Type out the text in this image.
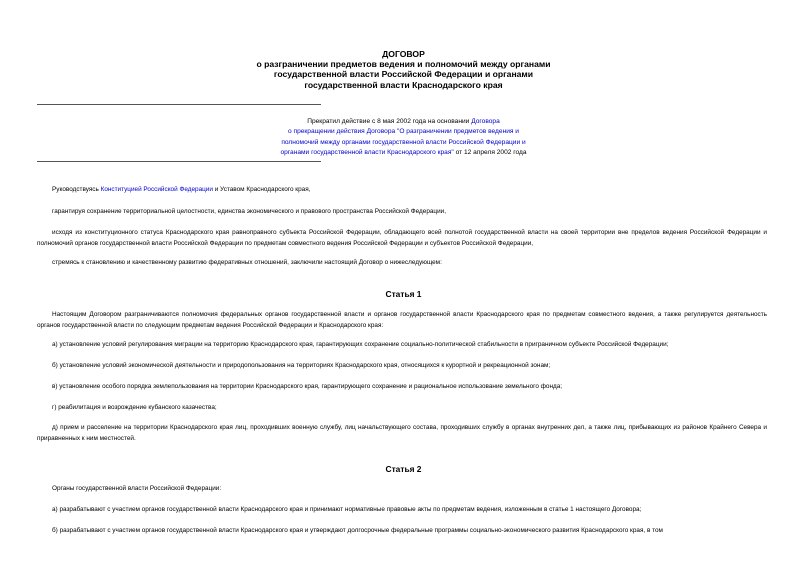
ДОГОВОР
о разграничении предметов ведения и полномочий между органами
государственной власти Российской Федерации и органами
государственной власти Краснодарского края
Прекратил действие с 8 мая 2002 года на основании Договора
о прекращении действия Договора "О разграничении предметов ведения и
полномочий между органами государственной власти Российской Федерации и
органами государственной власти Краснодарского края" от 12 апреля 2002 года
Руководствуясь Конституцией Российской Федерации и Уставом Краснодарского края,
гарантируя сохранение территориальной целостности, единства экономического и правового пространства Российской Федерации,
исходя из конституционного статуса Краснодарского края равноправного субъекта Российской Федерации, обладающего всей полнотой государственной власти на своей территории вне пределов ведения Российской Федерации и полномочий органов государственной власти Российской Федерации по предметам совместного ведения Российской Федерации и субъектов Российской Федерации,
стремясь к становлению и качественному развитию федеративных отношений, заключили настоящий Договор о нижеследующем:
Статья 1
Настоящим Договором разграничиваются полномочия федеральных органов государственной власти и органов государственной власти Краснодарского края по предметам совместного ведения, а также регулируется деятельность органов государственной власти по следующим предметам ведения Российской Федерации и Краснодарского края:
а) установление условий регулирования миграции на территорию Краснодарского края, гарантирующих сохранение социально-политической стабильности в приграничном субъекте Российской Федерации;
б) установление условий экономической деятельности и природопользования на территориях Краснодарского края, относящихся к курортной и рекреационной зонам;
в) установление особого порядка землепользования на территории Краснодарского края, гарантирующего сохранение и рациональное использование земельного фонда;
г) реабилитация и возрождение кубанского казачества;
д) прием и расселение на территории Краснодарского края лиц, проходивших военную службу, лиц начальствующего состава, проходивших службу в органах внутренних дел, а также лиц, прибывающих из районов Крайнего Севера и приравненных к ним местностей.
Статья 2
Органы государственной власти Российской Федерации:
а) разрабатывают с участием органов государственной власти Краснодарского края и принимают нормативные правовые акты по предметам ведения, изложенным в статье 1 настоящего Договора;
б) разрабатывают с участием органов государственной власти Краснодарского края и утверждают долгосрочные федеральные программы социально-экономического развития Краснодарского края, в том
